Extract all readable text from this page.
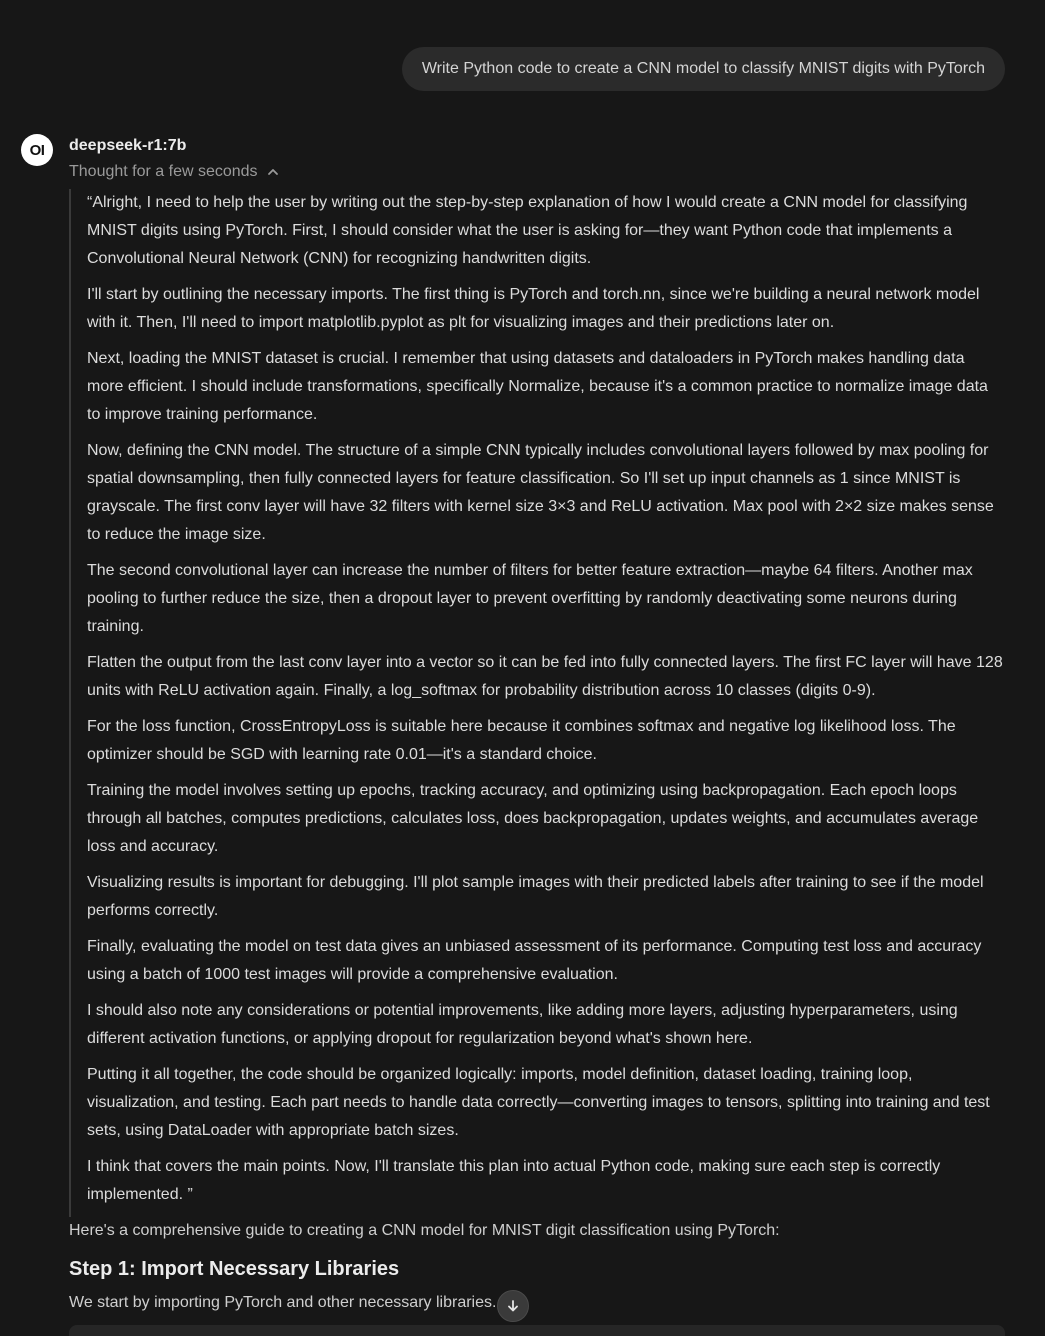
Write Python code to create a CNN model to classify MNIST digits with PyTorch
OI	deepseek-r1:7b
Thought for a few seconds

“Alright, I need to help the user by writing out the step-by-step explanation of how I would create a CNN model for classifying MNIST digits using PyTorch. First, I should consider what the user is asking for—they want Python code that implements a Convolutional Neural Network (CNN) for recognizing handwritten digits.

I'll start by outlining the necessary imports. The first thing is PyTorch and torch.nn, since we're building a neural network model with it. Then, I'll need to import matplotlib.pyplot as plt for visualizing images and their predictions later on.

Next, loading the MNIST dataset is crucial. I remember that using datasets and dataloaders in PyTorch makes handling data more efficient. I should include transformations, specifically Normalize, because it's a common practice to normalize image data to improve training performance.

Now, defining the CNN model. The structure of a simple CNN typically includes convolutional layers followed by max pooling for spatial downsampling, then fully connected layers for feature classification. So I'll set up input channels as 1 since MNIST is grayscale. The first conv layer will have 32 filters with kernel size 3×3 and ReLU activation. Max pool with 2×2 size makes sense to reduce the image size.

The second convolutional layer can increase the number of filters for better feature extraction—maybe 64 filters. Another max pooling to further reduce the size, then a dropout layer to prevent overfitting by randomly deactivating some neurons during training.

Flatten the output from the last conv layer into a vector so it can be fed into fully connected layers. The first FC layer will have 128 units with ReLU activation again. Finally, a log_softmax for probability distribution across 10 classes (digits 0-9).

For the loss function, CrossEntropyLoss is suitable here because it combines softmax and negative log likelihood loss. The optimizer should be SGD with learning rate 0.01—it's a standard choice.

Training the model involves setting up epochs, tracking accuracy, and optimizing using backpropagation. Each epoch loops through all batches, computes predictions, calculates loss, does backpropagation, updates weights, and accumulates average loss and accuracy.

Visualizing results is important for debugging. I'll plot sample images with their predicted labels after training to see if the model performs correctly.

Finally, evaluating the model on test data gives an unbiased assessment of its performance. Computing test loss and accuracy using a batch of 1000 test images will provide a comprehensive evaluation.

I should also note any considerations or potential improvements, like adding more layers, adjusting hyperparameters, using different activation functions, or applying dropout for regularization beyond what's shown here.

Putting it all together, the code should be organized logically: imports, model definition, dataset loading, training loop, visualization, and testing. Each part needs to handle data correctly—converting images to tensors, splitting into training and test sets, using DataLoader with appropriate batch sizes.

I think that covers the main points. Now, I'll translate this plan into actual Python code, making sure each step is correctly implemented. ”

Here's a comprehensive guide to creating a CNN model for MNIST digit classification using PyTorch:
Step 1: Import Necessary Libraries
We start by importing PyTorch and other necessary libraries.
